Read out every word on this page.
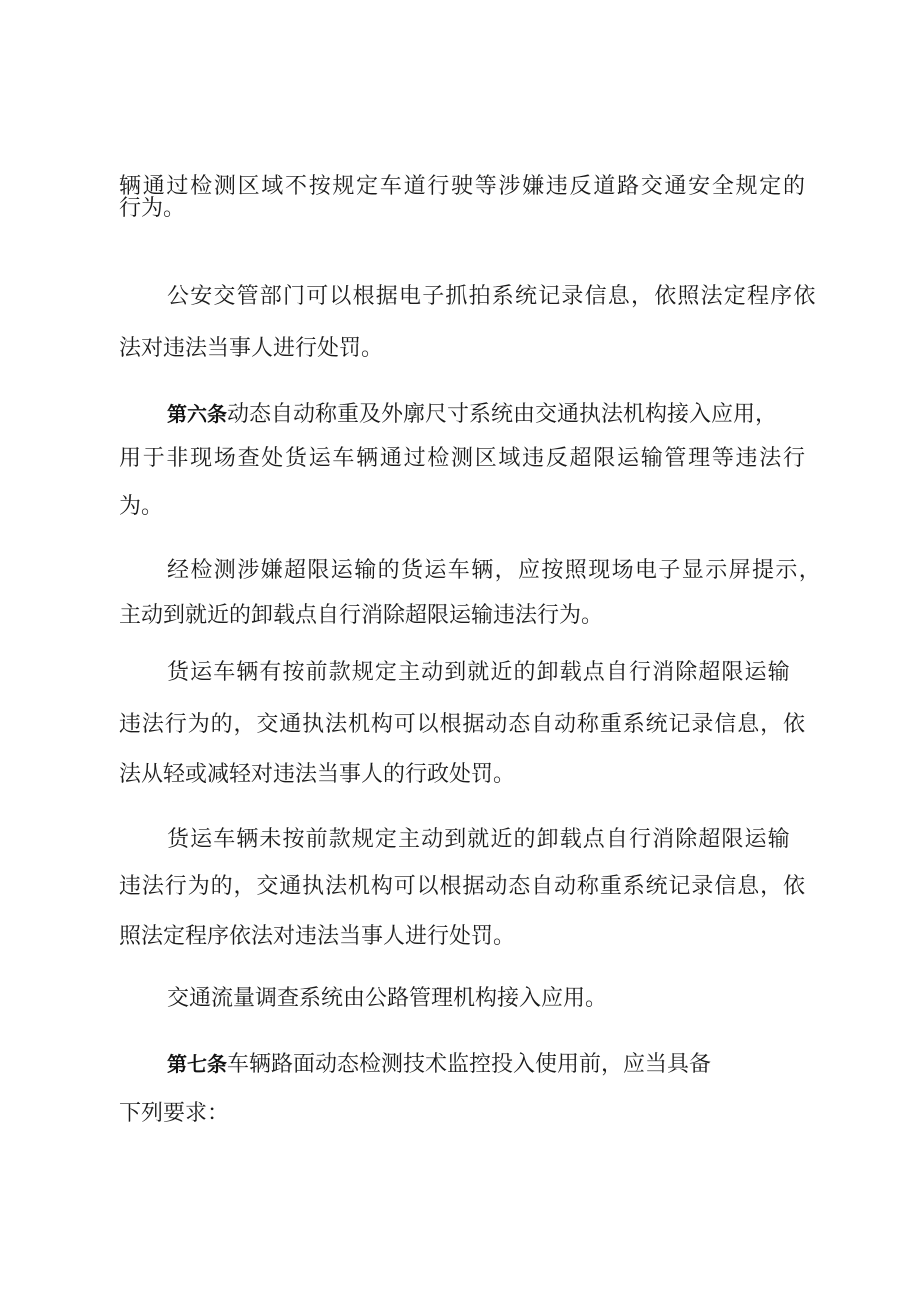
辆通过检测区域不按规定车道行驶等涉嫌违反道路交通安全规定的
行为。
公安交管部门可以根据电子抓拍系统记录信息，依照法定程序依
法对违法当事人进行处罚。
第六条动态自动称重及外廓尺寸系统由交通执法机构接入应用，
用于非现场查处货运车辆通过检测区域违反超限运输管理等违法行
为。
经检测涉嫌超限运输的货运车辆，应按照现场电子显示屏提示，
主动到就近的卸载点自行消除超限运输违法行为。
货运车辆有按前款规定主动到就近的卸载点自行消除超限运输
违法行为的，交通执法机构可以根据动态自动称重系统记录信息，依
法从轻或减轻对违法当事人的行政处罚。
货运车辆未按前款规定主动到就近的卸载点自行消除超限运输
违法行为的，交通执法机构可以根据动态自动称重系统记录信息，依
照法定程序依法对违法当事人进行处罚。
交通流量调查系统由公路管理机构接入应用。
第七条车辆路面动态检测技术监控投入使用前，应当具备
下列要求：
